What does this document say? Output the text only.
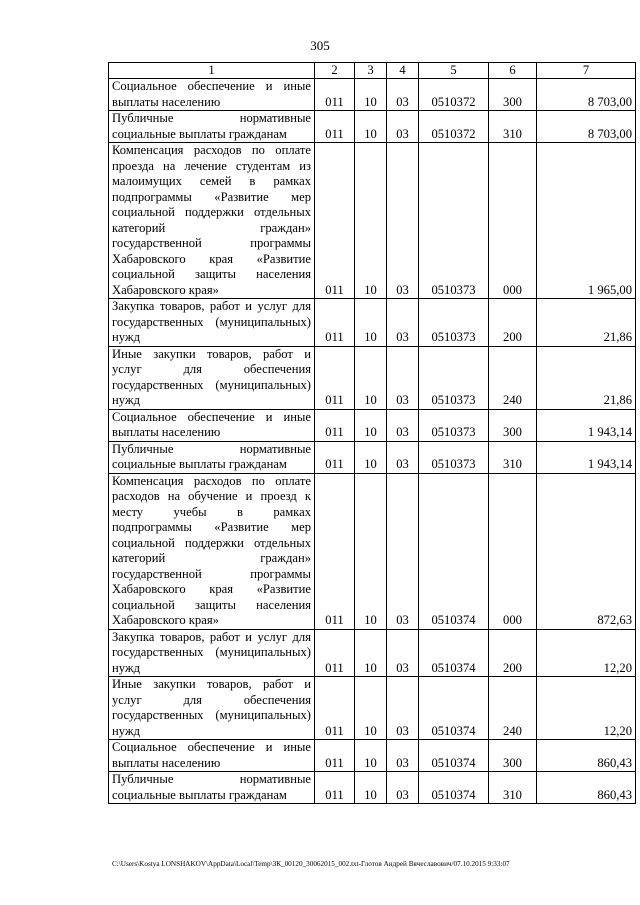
305
1	2	3	4	5	6	7

Социальное обеспечение и иные выплаты населению	011	10	03	0510372	300	8 703,00

Публичные нормативные социальные выплаты гражданам	011	10	03	0510372	310	8 703,00

Компенсация расходов по оплате проезда на лечение студентам из малоимущих семей в рамках подпрограммы «Развитие мер социальной поддержки отдельных категорий граждан» государственной программы Хабаровского края «Развитие социальной защиты населения Хабаровского края»	011	10	03	0510373	000	1 965,00

Закупка товаров, работ и услуг для государственных (муниципальных) нужд	011	10	03	0510373	200	21,86

Иные закупки товаров, работ и услуг для обеспечения государственных (муниципальных) нужд	011	10	03	0510373	240	21,86

Социальное обеспечение и иные выплаты населению	011	10	03	0510373	300	1 943,14

Публичные нормативные социальные выплаты гражданам	011	10	03	0510373	310	1 943,14

Компенсация расходов по оплате расходов на обучение и проезд к месту учебы в рамках подпрограммы «Развитие мер социальной поддержки отдельных категорий граждан» государственной программы Хабаровского края «Развитие социальной защиты населения Хабаровского края»	011	10	03	0510374	000	872,63

Закупка товаров, работ и услуг для государственных (муниципальных) нужд	011	10	03	0510374	200	12,20

Иные закупки товаров, работ и услуг для обеспечения государственных (муниципальных) нужд	011	10	03	0510374	240	12,20

Социальное обеспечение и иные выплаты населению	011	10	03	0510374	300	860,43

Публичные нормативные социальные выплаты гражданам	011	10	03	0510374	310	860,43
C:\Users\Kostya LONSHAKOV\AppData\Local\Temp\ЗК_00120_30062015_002.txt-Глотов Андрей Вячеславович/07.10.2015 9:33:07
